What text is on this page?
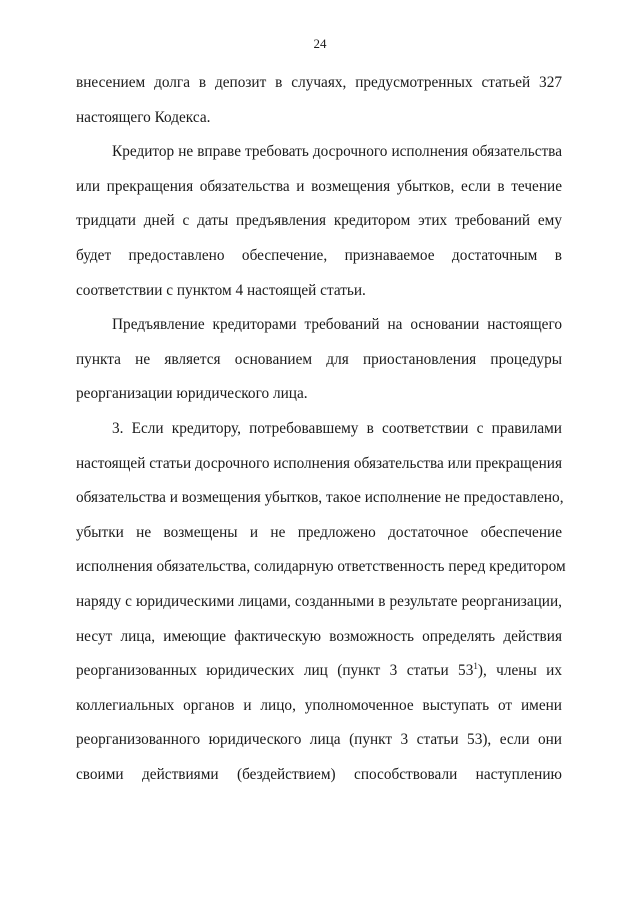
24
внесением долга в депозит в случаях, предусмотренных статьей 327
настоящего Кодекса.
Кредитор не вправе требовать досрочного исполнения обязательства
или прекращения обязательства и возмещения убытков, если в течение
тридцати дней с даты предъявления кредитором этих требований ему
будет предоставлено обеспечение, признаваемое достаточным в
соответствии с пунктом 4 настоящей статьи.
Предъявление кредиторами требований на основании настоящего
пункта не является основанием для приостановления процедуры
реорганизации юридического лица.
3. Если кредитору, потребовавшему в соответствии с правилами
настоящей статьи досрочного исполнения обязательства или прекращения
обязательства и возмещения убытков, такое исполнение не предоставлено,
убытки не возмещены и не предложено достаточное обеспечение
исполнения обязательства, солидарную ответственность перед кредитором
наряду с юридическими лицами, созданными в результате реорганизации,
несут лица, имеющие фактическую возможность определять действия
реорганизованных юридических лиц (пункт 3 статьи $53^1$), члены их
коллегиальных органов и лицо, уполномоченное выступать от имени
реорганизованного юридического лица (пункт 3 статьи 53), если они
своими действиями (бездействием) способствовали наступлению
